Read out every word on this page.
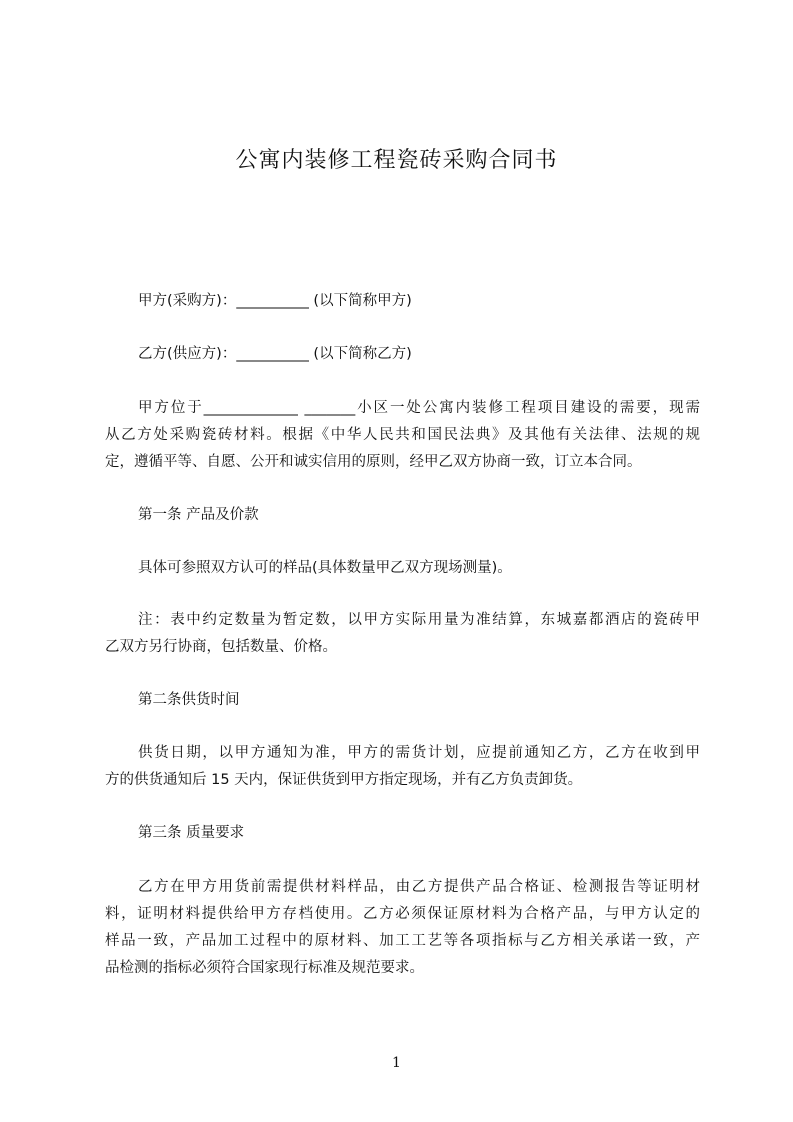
公寓内装修工程瓷砖采购合同书
甲方(采购方)：__________ (以下简称甲方)
乙方(供应方)：__________ (以下简称乙方)
甲方位于_____________ _______小区一处公寓内装修工程项目建设的需要，现需
从乙方处采购瓷砖材料。根据《中华人民共和国民法典》及其他有关法律、法规的规
定，遵循平等、自愿、公开和诚实信用的原则，经甲乙双方协商一致，订立本合同。
第一条 产品及价款
具体可参照双方认可的样品(具体数量甲乙双方现场测量)。
注：表中约定数量为暂定数，以甲方实际用量为准结算，东城嘉都酒店的瓷砖甲
乙双方另行协商，包括数量、价格。
第二条供货时间
供货日期，以甲方通知为准，甲方的需货计划，应提前通知乙方，乙方在收到甲
方的供货通知后 15 天内，保证供货到甲方指定现场，并有乙方负责卸货。
第三条 质量要求
乙方在甲方用货前需提供材料样品，由乙方提供产品合格证、检测报告等证明材
料，证明材料提供给甲方存档使用。乙方必须保证原材料为合格产品，与甲方认定的
样品一致，产品加工过程中的原材料、加工工艺等各项指标与乙方相关承诺一致，产
品检测的指标必须符合国家现行标准及规范要求。
1
